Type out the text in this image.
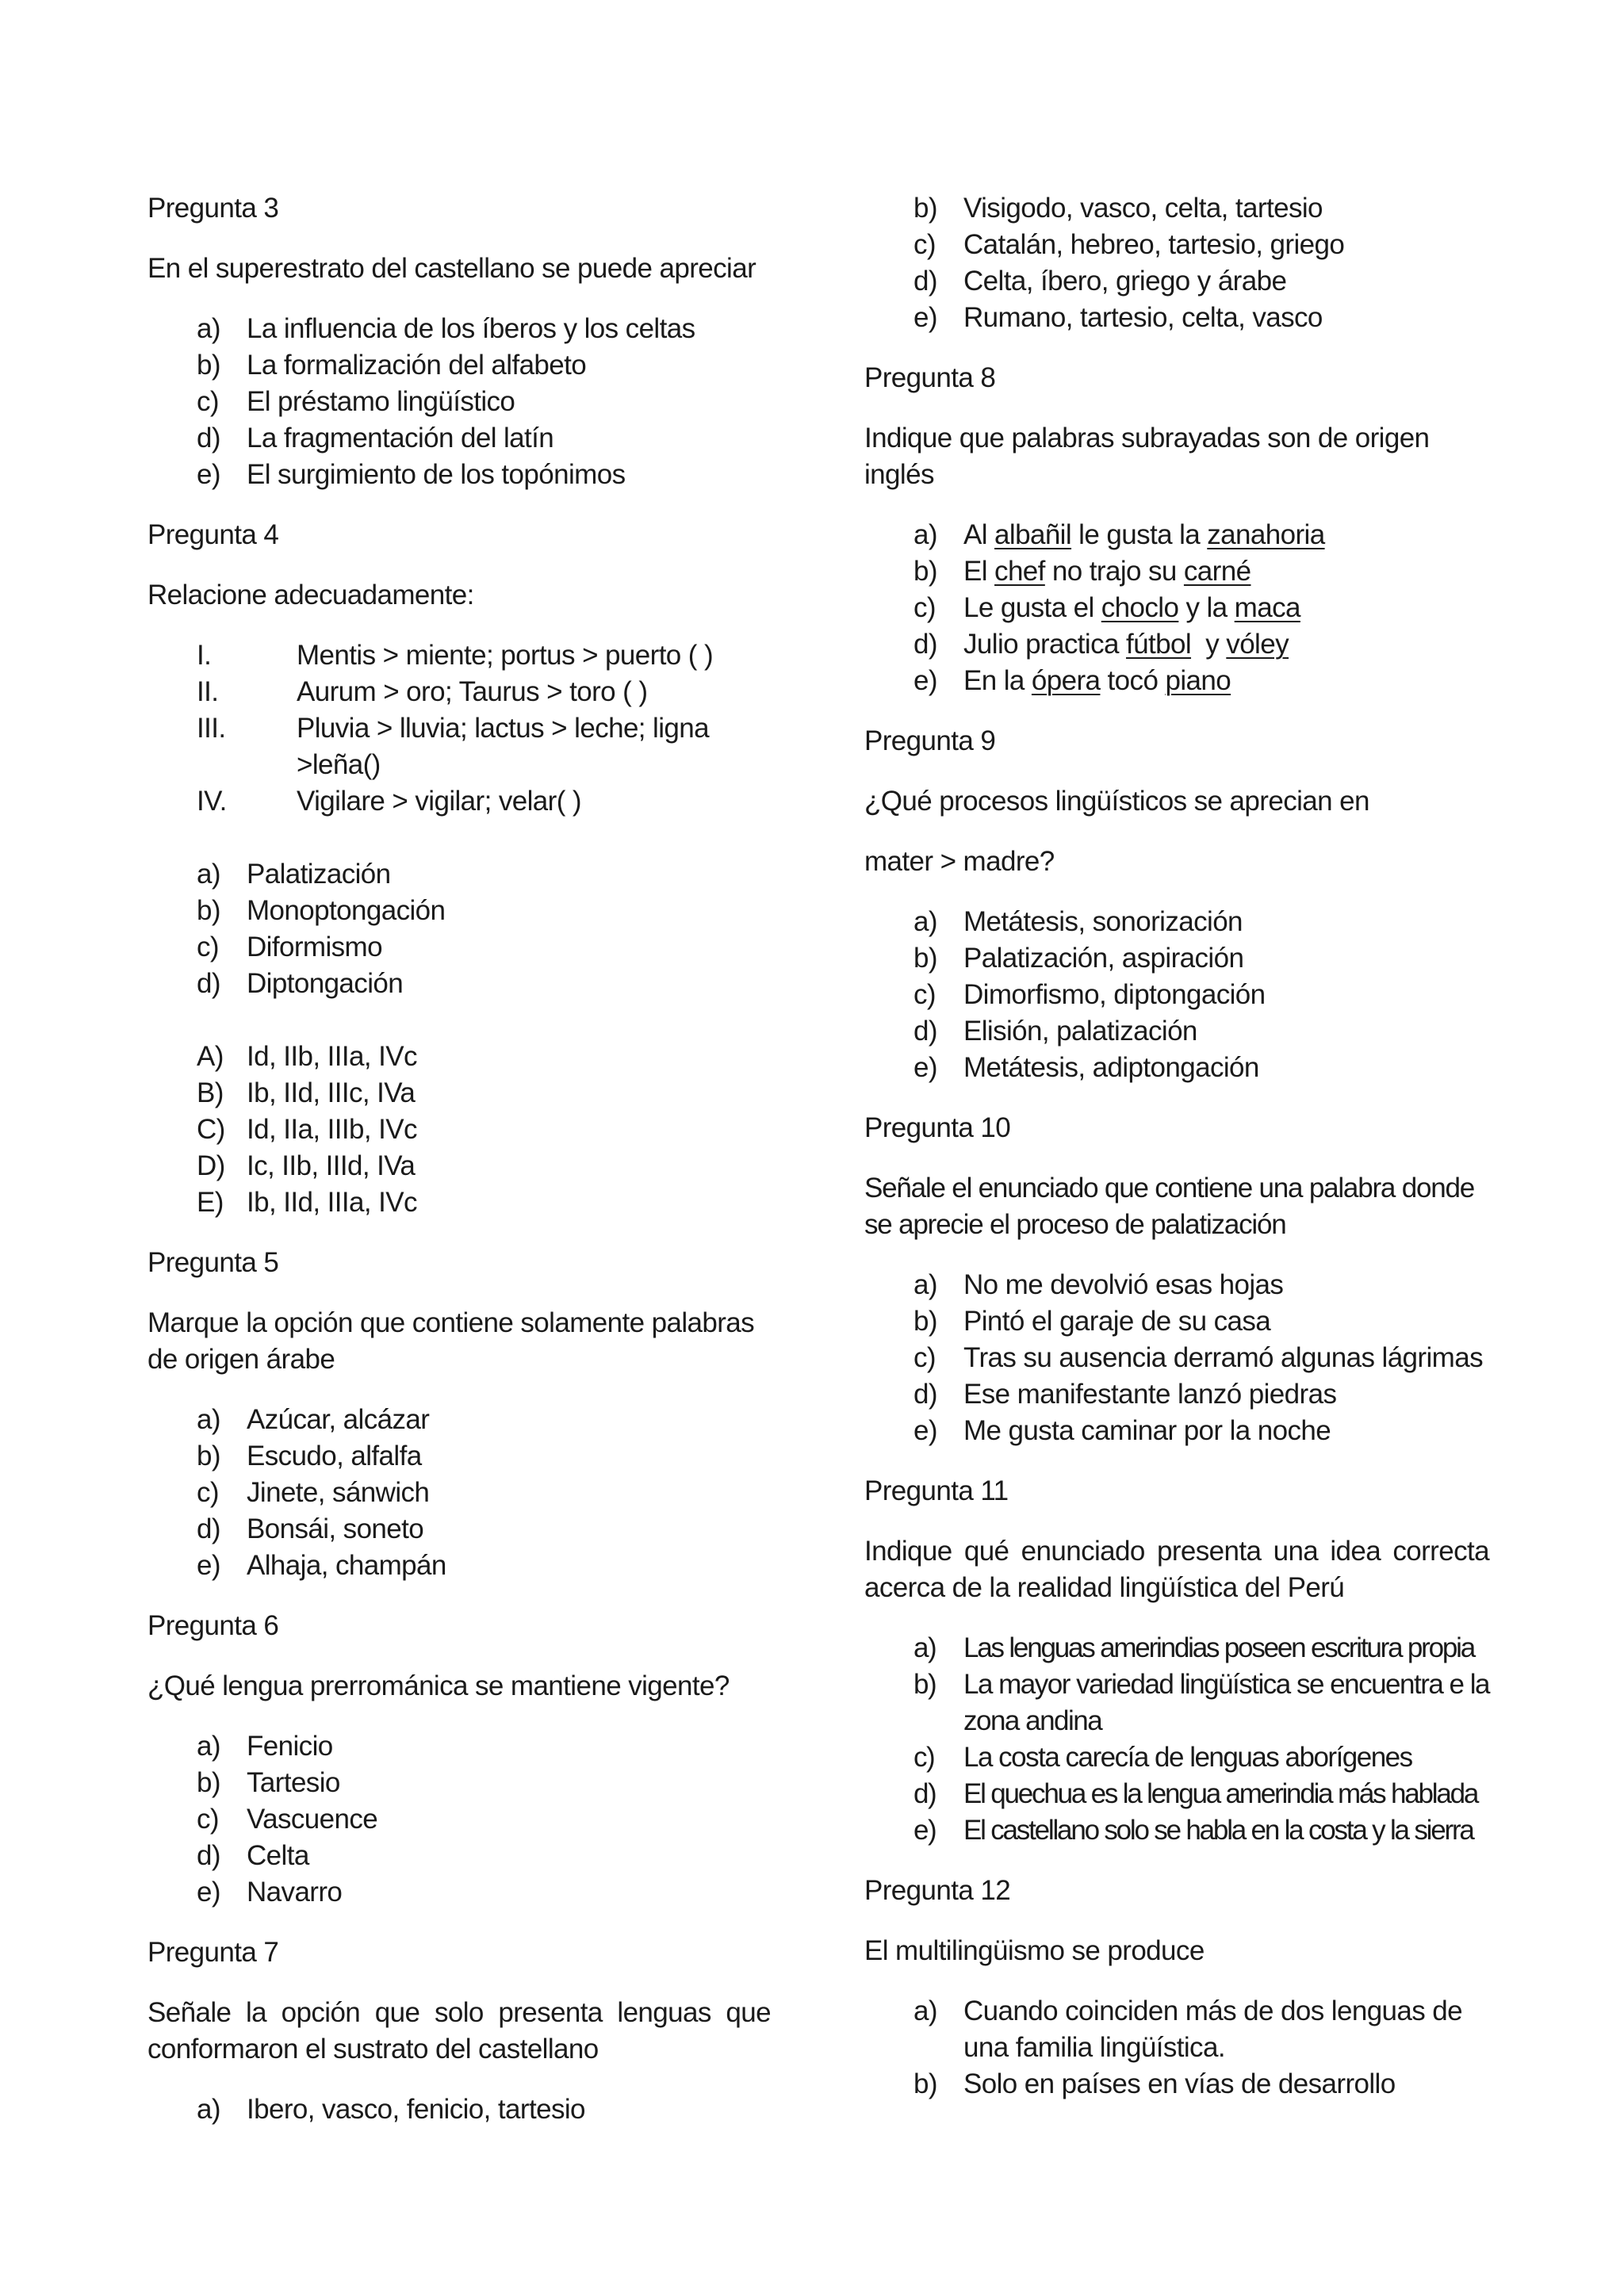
Pregunta 3
En el superestrato del castellano se puede apreciar
a) La influencia de los íberos y los celtas
b) La formalización del alfabeto
c)	El préstamo lingüístico
d) La fragmentación del latín
e) El surgimiento de los topónimos
Pregunta 4
Relacione adecuadamente:
I.	Mentis > miente; portus > puerto ( )
II.	Aurum > oro; Taurus > toro ( )
III.	Pluvia > lluvia; lactus > leche; ligna >leña()
IV.	Vigilare > vigilar; velar( )
a) Palatización
b) Monoptongación
c)	Diformismo
d) Diptongación
A) Id, IIb, IIIa, IVc
B) Ib, IId, IIIc, IVa
C) Id, IIa, IIIb, IVc
D) Ic, IIb, IIId, IVa
E) Ib, IId, IIIa, IVc
Pregunta 5
Marque la opción que contiene solamente palabras de origen árabe
a) Azúcar, alcázar
b) Escudo, alfalfa
c)	Jinete, sánwich
d) Bonsái, soneto
e) Alhaja, champán
Pregunta 6
¿Qué lengua prerrománica se mantiene vigente?
a) Fenicio
b) Tartesio
c)	Vascuence
d) Celta
e) Navarro
Pregunta 7
Señale la opción que solo presenta lenguas que conformaron el sustrato del castellano
a) Ibero, vasco, fenicio, tartesio
b) Visigodo, vasco, celta, tartesio
c)	Catalán, hebreo, tartesio, griego
d) Celta, íbero, griego y árabe
e) Rumano, tartesio, celta, vasco
Pregunta 8
Indique que palabras subrayadas son de origen inglés
a) Al albañil le gusta la zanahoria
b) El chef no trajo su carné
c)	Le gusta el choclo y la maca
d) Julio practica fútbol  y vóley
e) En la ópera tocó piano
Pregunta 9
¿Qué procesos lingüísticos se aprecian en
mater > madre?
a) Metátesis, sonorización
b) Palatización, aspiración
c)	Dimorfismo, diptongación
d) Elisión, palatización
e) Metátesis, adiptongación
Pregunta 10
Señale el enunciado que contiene una palabra donde se aprecie el proceso de palatización
a) No me devolvió esas hojas
b) Pintó el garaje de su casa
c)	Tras su ausencia derramó algunas lágrimas
d) Ese manifestante lanzó piedras
e) Me gusta caminar por la noche
Pregunta 11
Indique qué enunciado presenta una idea correcta acerca de la realidad lingüística del Perú
a) Las lenguas amerindias poseen escritura propia
b) La mayor variedad lingüística se encuentra e la zona andina
c)	La costa carecía de lenguas aborígenes
d) El quechua es la lengua amerindia más hablada
e) El castellano solo se habla en la costa y la sierra
Pregunta 12
El multilingüismo se produce
a) Cuando coinciden más de dos lenguas de una familia lingüística.
b) Solo en países en vías de desarrollo
